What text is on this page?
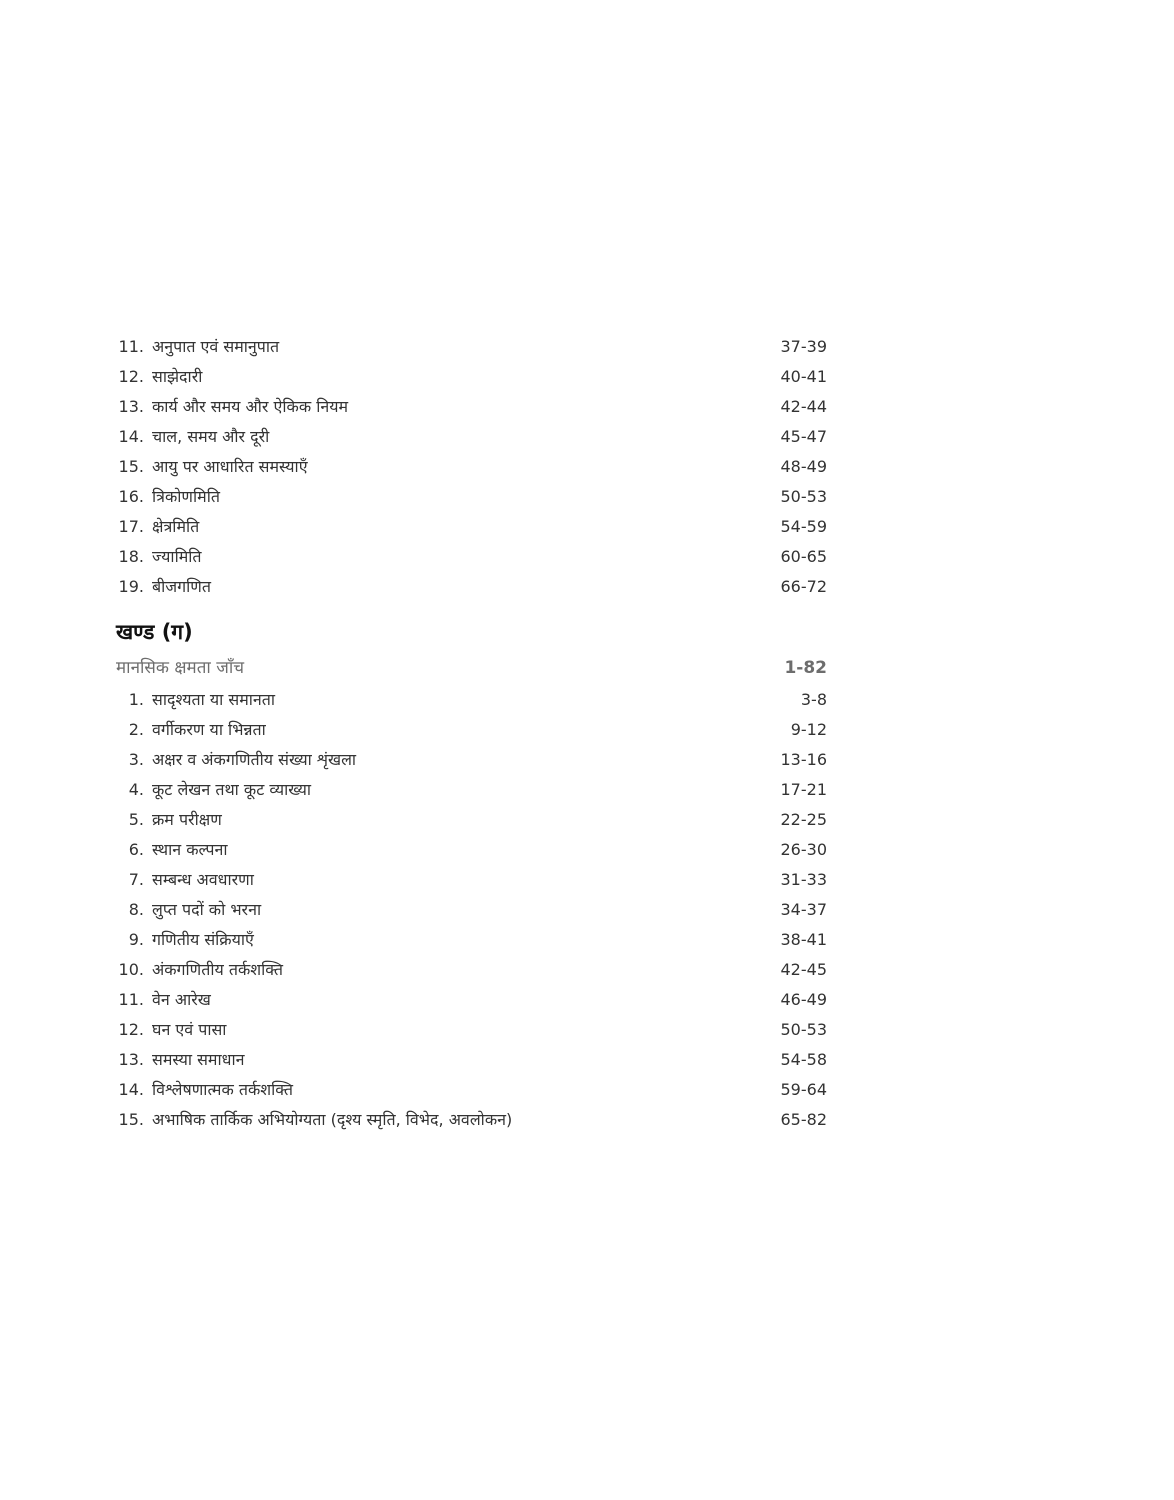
11. अनुपात एवं समानुपात	37-39
12. साझेदारी	40-41
13. कार्य और समय और ऐकिक नियम	42-44
14. चाल, समय और दूरी	45-47
15. आयु पर आधारित समस्याएँ	48-49
16. त्रिकोणमिति	50-53
17. क्षेत्रमिति	54-59
18. ज्यामिति	60-65
19. बीजगणित	66-72
खण्ड (ग)
मानसिक क्षमता जाँच	1-82
1. सादृश्यता या समानता	3-8
2. वर्गीकरण या भिन्नता	9-12
3. अक्षर व अंकगणितीय संख्या शृंखला	13-16
4. कूट लेखन तथा कूट व्याख्या	17-21
5. क्रम परीक्षण	22-25
6. स्थान कल्पना	26-30
7. सम्बन्ध अवधारणा	31-33
8. लुप्त पदों को भरना	34-37
9. गणितीय संक्रियाएँ	38-41
10. अंकगणितीय तर्कशक्ति	42-45
11. वेन आरेख	46-49
12. घन एवं पासा	50-53
13. समस्या समाधान	54-58
14. विश्लेषणात्मक तर्कशक्ति	59-64
15. अभाषिक तार्किक अभियोग्यता (दृश्य स्मृति, विभेद, अवलोकन)	65-82
